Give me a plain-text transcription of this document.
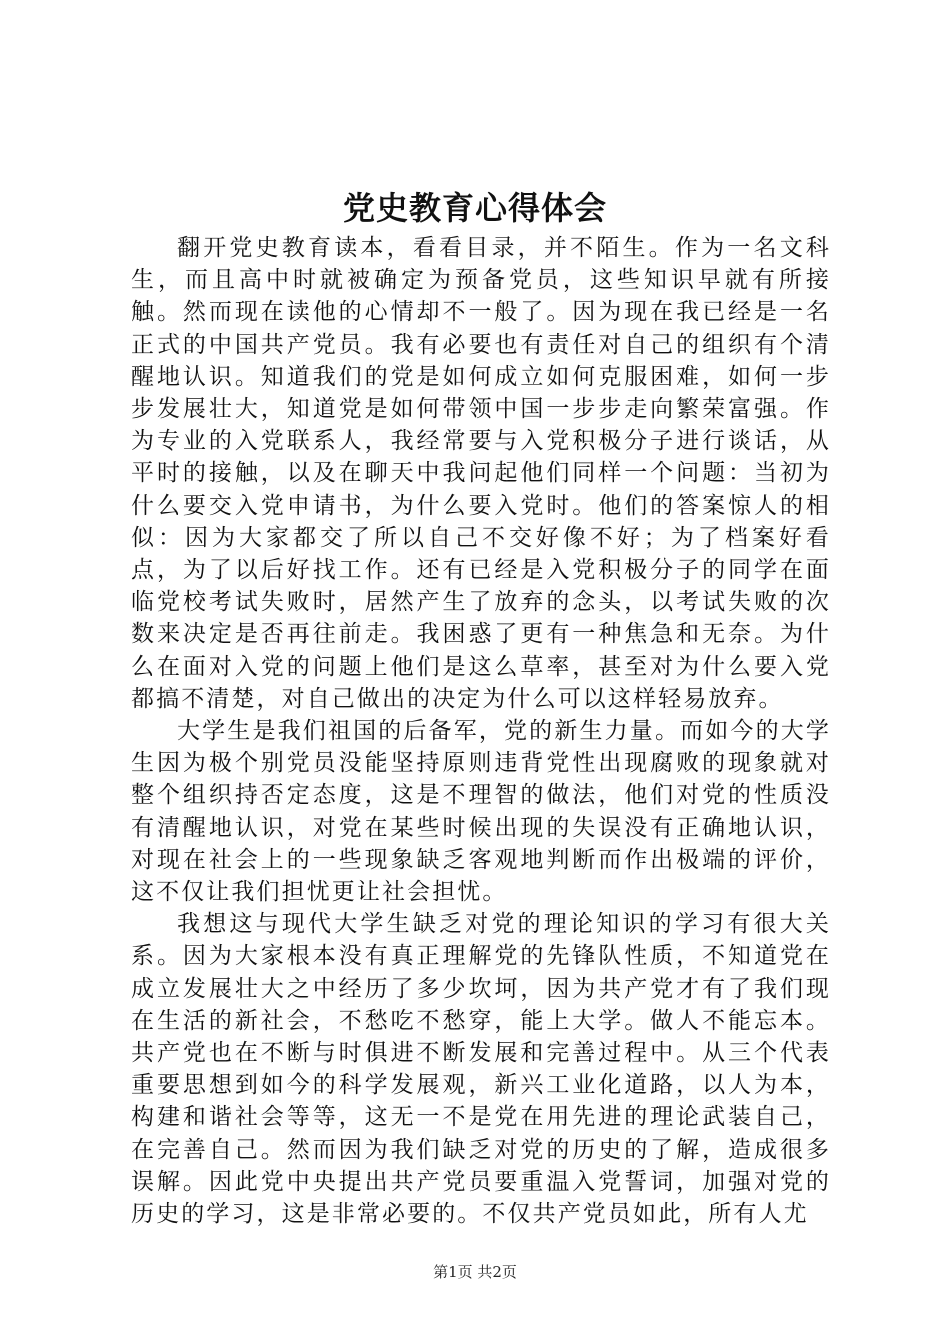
党史教育心得体会

翻开党史教育读本，看看目录，并不陌生。作为一名文科生，而且高中时就被确定为预备党员，这些知识早就有所接触。然而现在读他的心情却不一般了。因为现在我已经是一名正式的中国共产党员。我有必要也有责任对自己的组织有个清醒地认识。知道我们的党是如何成立如何克服困难，如何一步步发展壮大，知道党是如何带领中国一步步走向繁荣富强。作为专业的入党联系人，我经常要与入党积极分子进行谈话，从平时的接触，以及在聊天中我问起他们同样一个问题：当初为什么要交入党申请书，为什么要入党时。他们的答案惊人的相似：因为大家都交了所以自己不交好像不好；为了档案好看点，为了以后好找工作。还有已经是入党积极分子的同学在面临党校考试失败时，居然产生了放弃的念头，以考试失败的次数来决定是否再往前走。我困惑了更有一种焦急和无奈。为什么在面对入党的问题上他们是这么草率，甚至对为什么要入党都搞不清楚，对自己做出的决定为什么可以这样轻易放弃。

大学生是我们祖国的后备军，党的新生力量。而如今的大学生因为极个别党员没能坚持原则违背党性出现腐败的现象就对整个组织持否定态度，这是不理智的做法，他们对党的性质没有清醒地认识，对党在某些时候出现的失误没有正确地认识，对现在社会上的一些现象缺乏客观地判断而作出极端的评价，这不仅让我们担忧更让社会担忧。

我想这与现代大学生缺乏对党的理论知识的学习有很大关系。因为大家根本没有真正理解党的先锋队性质，不知道党在成立发展壮大之中经历了多少坎坷，因为共产党才有了我们现在生活的新社会，不愁吃不愁穿，能上大学。做人不能忘本。共产党也在不断与时俱进不断发展和完善过程中。从三个代表重要思想到如今的科学发展观，新兴工业化道路，以人为本，构建和谐社会等等，这无一不是党在用先进的理论武装自己，在完善自己。然而因为我们缺乏对党的历史的了解，造成很多误解。因此党中央提出共产党员要重温入党誓词，加强对党的历史的学习，这是非常必要的。不仅共产党员如此，所有人尤

第1页 共2页
